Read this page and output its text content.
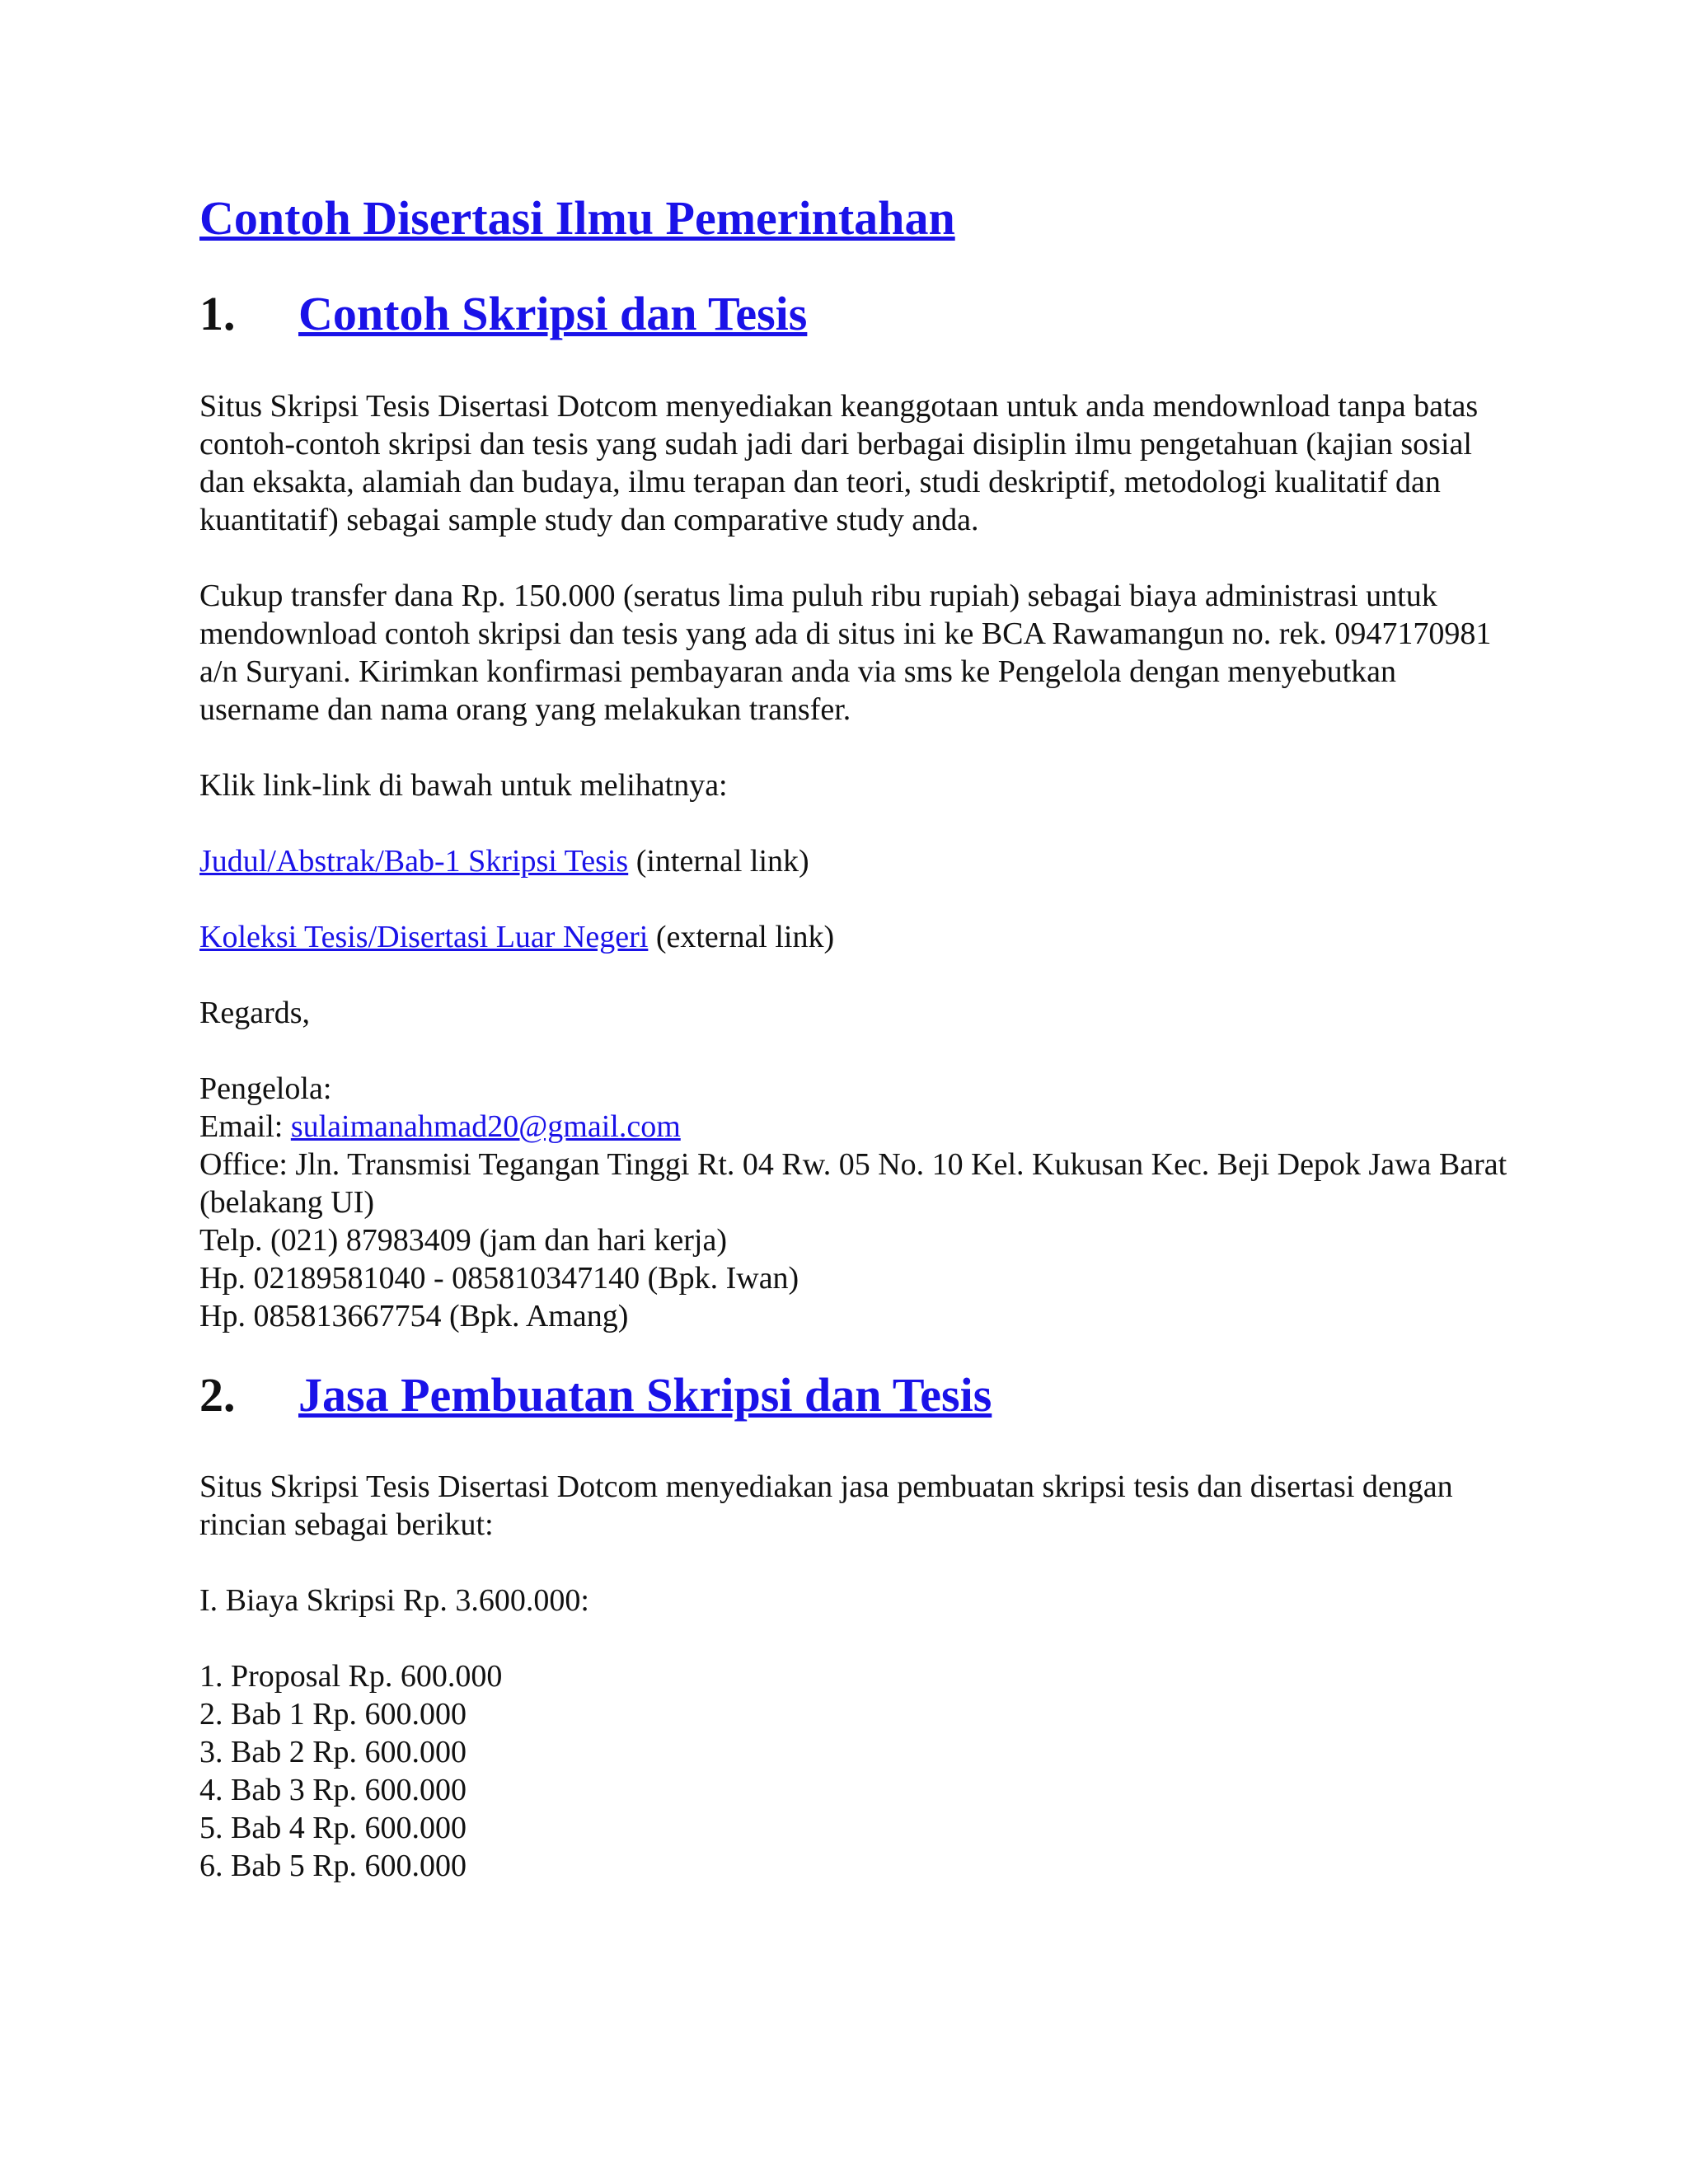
Contoh Disertasi Ilmu Pemerintahan
1.	Contoh Skripsi dan Tesis

Situs Skripsi Tesis Disertasi Dotcom menyediakan keanggotaan untuk anda mendownload tanpa batas contoh-contoh skripsi dan tesis yang sudah jadi dari berbagai disiplin ilmu pengetahuan (kajian sosial dan eksakta, alamiah dan budaya, ilmu terapan dan teori, studi deskriptif, metodologi kualitatif dan kuantitatif) sebagai sample study dan comparative study anda.

Cukup transfer dana Rp. 150.000 (seratus lima puluh ribu rupiah) sebagai biaya administrasi untuk mendownload contoh skripsi dan tesis yang ada di situs ini ke BCA Rawamangun no. rek. 0947170981 a/n Suryani. Kirimkan konfirmasi pembayaran anda via sms ke Pengelola dengan menyebutkan username dan nama orang yang melakukan transfer.

Klik link-link di bawah untuk melihatnya:

Judul/Abstrak/Bab-1 Skripsi Tesis (internal link)

Koleksi Tesis/Disertasi Luar Negeri (external link)

Regards,

Pengelola:
Email: sulaimanahmad20@gmail.com
Office: Jln. Transmisi Tegangan Tinggi Rt. 04 Rw. 05 No. 10 Kel. Kukusan Kec. Beji Depok Jawa Barat (belakang UI)
Telp. (021) 87983409 (jam dan hari kerja)
Hp. 02189581040 - 085810347140 (Bpk. Iwan)
Hp. 085813667754 (Bpk. Amang)
2.	Jasa Pembuatan Skripsi dan Tesis

Situs Skripsi Tesis Disertasi Dotcom menyediakan jasa pembuatan skripsi tesis dan disertasi dengan rincian sebagai berikut:

I. Biaya Skripsi Rp. 3.600.000:

1. Proposal Rp. 600.000
2. Bab 1 Rp. 600.000
3. Bab 2 Rp. 600.000
4. Bab 3 Rp. 600.000
5. Bab 4 Rp. 600.000
6. Bab 5 Rp. 600.000
